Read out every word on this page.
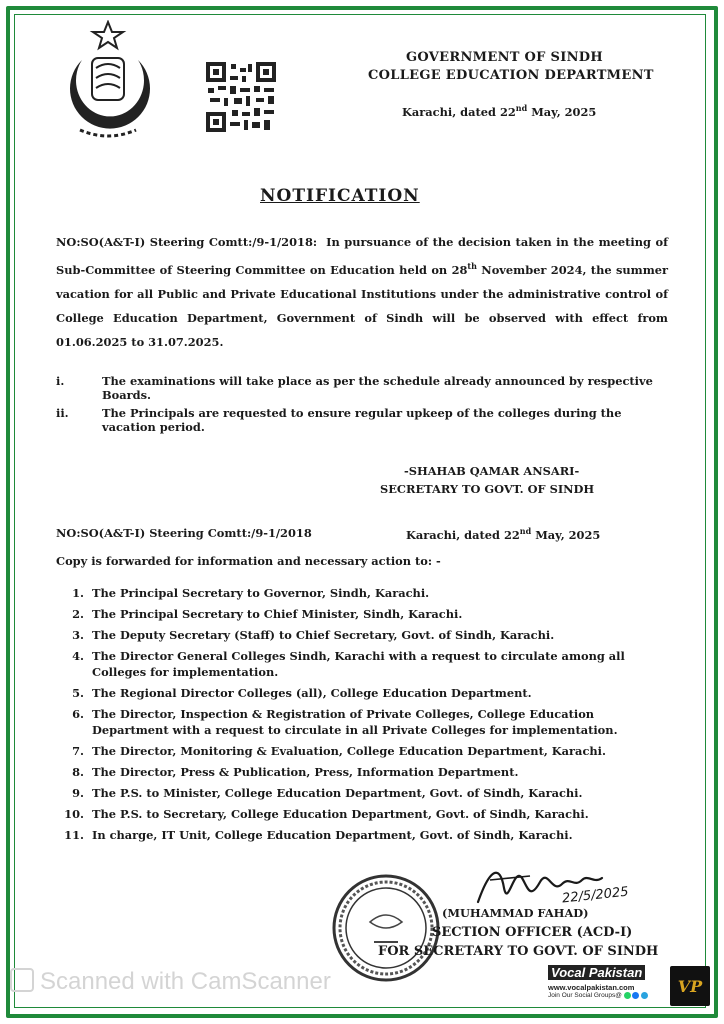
GOVERNMENT OF SINDH
COLLEGE EDUCATION DEPARTMENT
Karachi, dated 22nd May, 2025
NOTIFICATION
NO:SO(A&T-I) Steering Comtt:/9-1/2018: In pursuance of the decision taken in the meeting of Sub-Committee of Steering Committee on Education held on 28th November 2024, the summer vacation for all Public and Private Educational Institutions under the administrative control of College Education Department, Government of Sindh will be observed with effect from 01.06.2025 to 31.07.2025.
i.	The examinations will take place as per the schedule already announced by respective Boards.
ii.	The Principals are requested to ensure regular upkeep of the colleges during the vacation period.
-SHAHAB QAMAR ANSARI-
SECRETARY TO GOVT. OF SINDH
NO:SO(A&T-I) Steering Comtt:/9-1/2018	Karachi, dated 22nd May, 2025
Copy is forwarded for information and necessary action to: -
1. The Principal Secretary to Governor, Sindh, Karachi.
2. The Principal Secretary to Chief Minister, Sindh, Karachi.
3. The Deputy Secretary (Staff) to Chief Secretary, Govt. of Sindh, Karachi.
4. The Director General Colleges Sindh, Karachi with a request to circulate among all Colleges for implementation.
5. The Regional Director Colleges (all), College Education Department.
6. The Director, Inspection & Registration of Private Colleges, College Education Department with a request to circulate in all Private Colleges for implementation.
7. The Director, Monitoring & Evaluation, College Education Department, Karachi.
8. The Director, Press & Publication, Press, Information Department.
9. The P.S. to Minister, College Education Department, Govt. of Sindh, Karachi.
10. The P.S. to Secretary, College Education Department, Govt. of Sindh, Karachi.
11. In charge, IT Unit, College Education Department, Govt. of Sindh, Karachi.
22/5/2025
(MUHAMMAD FAHAD)
SECTION OFFICER (ACD-I)
FOR SECRETARY TO GOVT. OF SINDH
Scanned with CamScanner	Vocal Pakistan
www.vocalpakistan.com
Join Our Social Groups@
VP
